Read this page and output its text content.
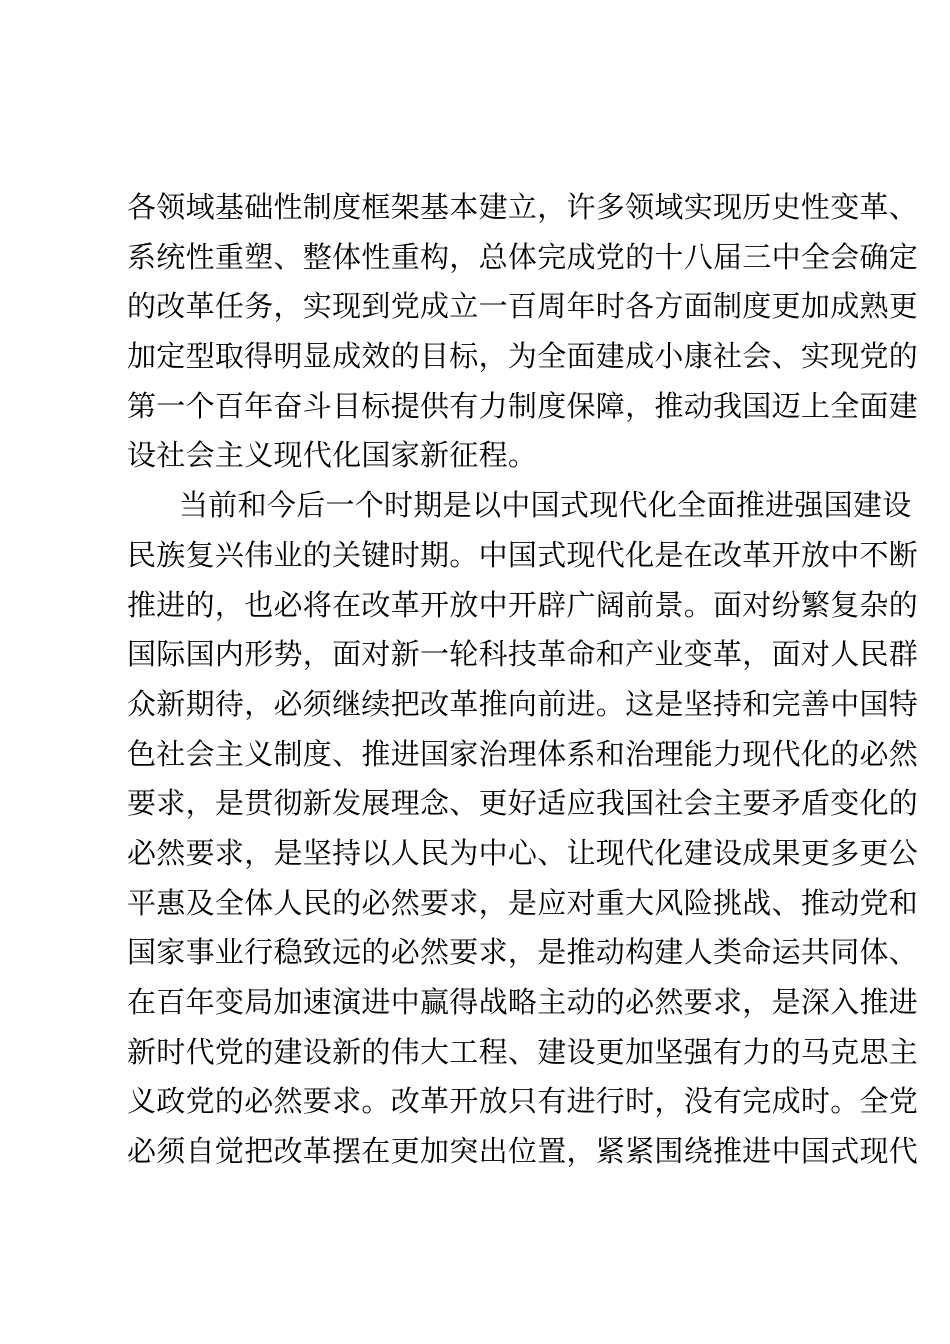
各领域基础性制度框架基本建立，许多领域实现历史性变革、
系统性重塑、整体性重构，总体完成党的十八届三中全会确定
的改革任务，实现到党成立一百周年时各方面制度更加成熟更
加定型取得明显成效的目标，为全面建成小康社会、实现党的
第一个百年奋斗目标提供有力制度保障，推动我国迈上全面建
设社会主义现代化国家新征程。
当前和今后一个时期是以中国式现代化全面推进强国建设
民族复兴伟业的关键时期。中国式现代化是在改革开放中不断
推进的，也必将在改革开放中开辟广阔前景。面对纷繁复杂的
国际国内形势，面对新一轮科技革命和产业变革，面对人民群
众新期待，必须继续把改革推向前进。这是坚持和完善中国特
色社会主义制度、推进国家治理体系和治理能力现代化的必然
要求，是贯彻新发展理念、更好适应我国社会主要矛盾变化的
必然要求，是坚持以人民为中心、让现代化建设成果更多更公
平惠及全体人民的必然要求，是应对重大风险挑战、推动党和
国家事业行稳致远的必然要求，是推动构建人类命运共同体、
在百年变局加速演进中赢得战略主动的必然要求，是深入推进
新时代党的建设新的伟大工程、建设更加坚强有力的马克思主
义政党的必然要求。改革开放只有进行时，没有完成时。全党
必须自觉把改革摆在更加突出位置，紧紧围绕推进中国式现代
